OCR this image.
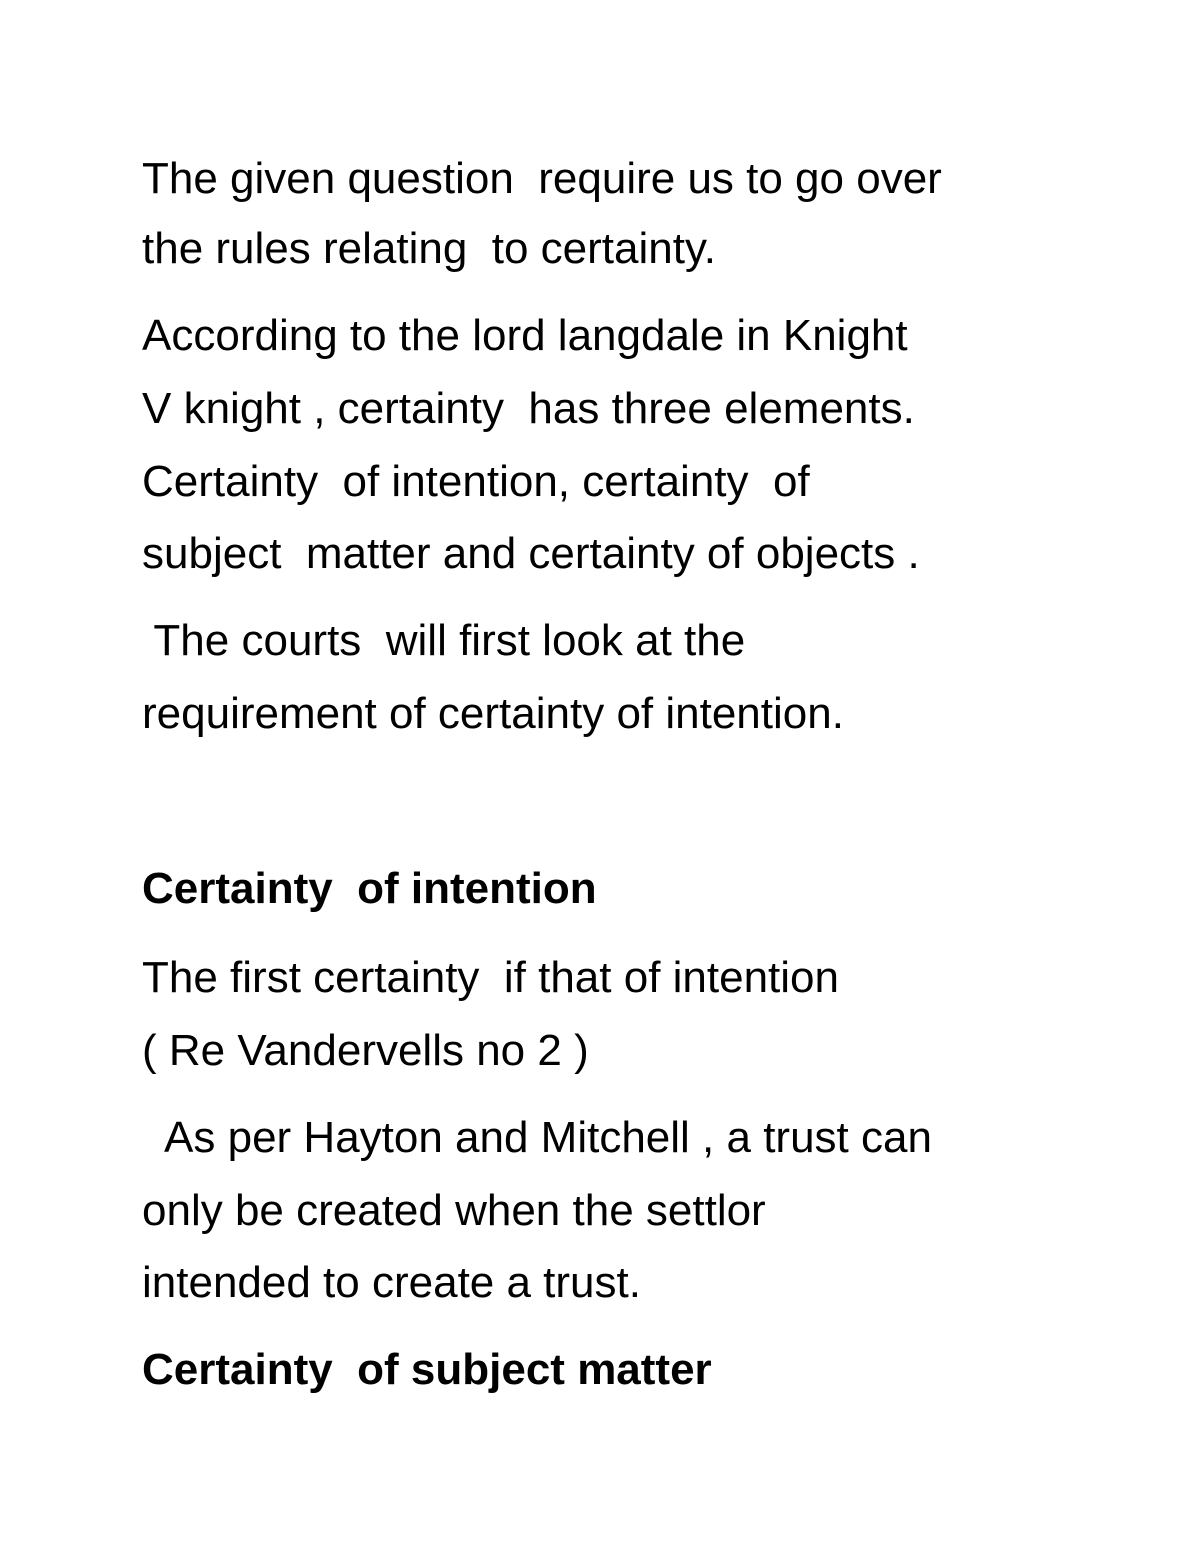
The given question  require us to go over

the rules relating  to certainty.

According to the lord langdale in Knight

V knight , certainty  has three elements.

Certainty  of intention, certainty  of

subject  matter and certainty of objects .

The courts  will first look at the

requirement of certainty of intention.

Certainty  of intention

The first certainty  if that of intention

( Re Vandervells no 2 )

As per Hayton and Mitchell , a trust can

only be created when the settlor

intended to create a trust.

Certainty  of subject matter
